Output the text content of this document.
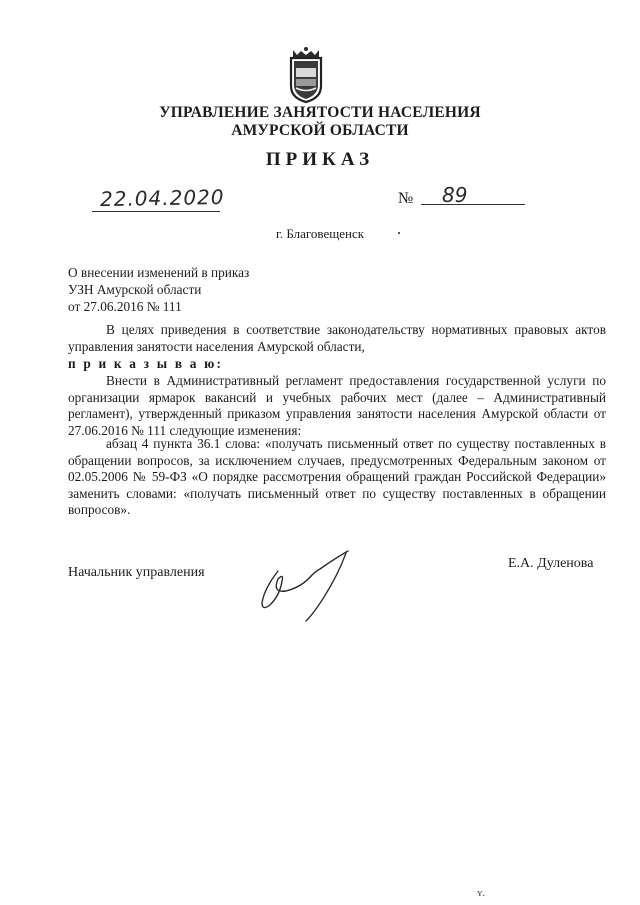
УПРАВЛЕНИЕ ЗАНЯТОСТИ НАСЕЛЕНИЯ
АМУРСКОЙ ОБЛАСТИ
ПРИКАЗ
22.04.2020	№ 89
г. Благовещенск
О внесении изменений в приказ
УЗН Амурской области
от 27.06.2016 № 111
В целях приведения в соответствие законодательству нормативных правовых актов управления занятости населения Амурской области,
п р и к а з ы в а ю:
Внести в Административный регламент предоставления государственной услуги по организации ярмарок вакансий и учебных рабочих мест (далее – Административный регламент), утвержденный приказом управления занятости населения Амурской области от 27.06.2016 № 111 следующие изменения:
абзац 4 пункта 36.1 слова: «получать письменный ответ по существу поставленных в обращении вопросов, за исключением случаев, предусмотренных Федеральным законом от 02.05.2006 № 59-ФЗ «О порядке рассмотрения обращений граждан Российской Федерации» заменить словами: «получать письменный ответ по существу поставленных в обращении вопросов».
Начальник управления
Е.А. Дуленова
ʏ.
